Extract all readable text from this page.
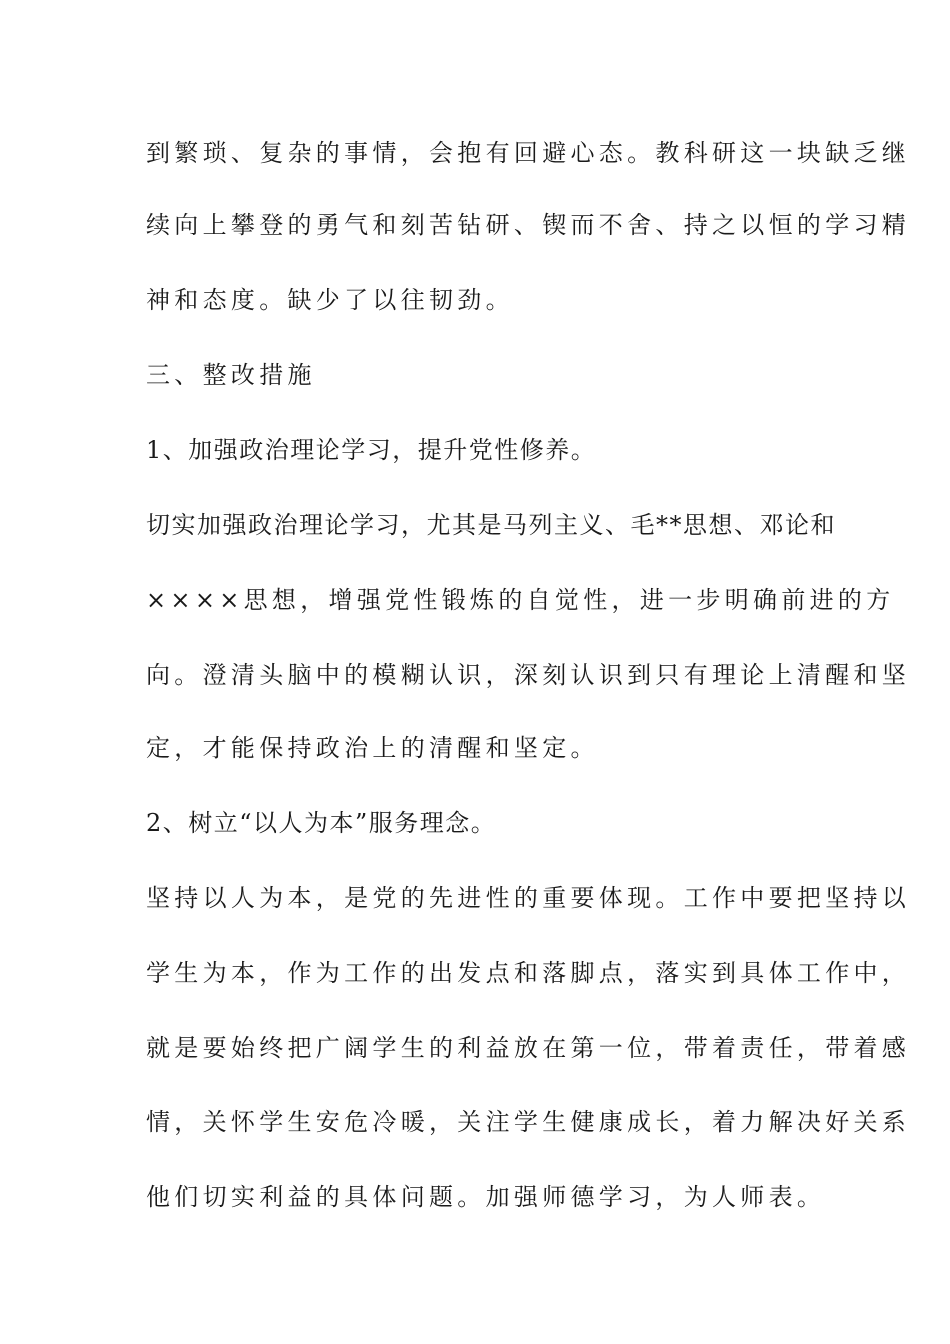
到繁琐、复杂的事情，会抱有回避心态。教科研这一块缺乏继
续向上攀登的勇气和刻苦钻研、锲而不舍、持之以恒的学习精
神和态度。缺少了以往韧劲。
三、整改措施
1、加强政治理论学习，提升党性修养。
切实加强政治理论学习，尤其是马列主义、毛**思想、邓论和
××××思想，增强党性锻炼的自觉性，进一步明确前进的方
向。澄清头脑中的模糊认识，深刻认识到只有理论上清醒和坚
定，才能保持政治上的清醒和坚定。
2、树立“以人为本”服务理念。
坚持以人为本，是党的先进性的重要体现。工作中要把坚持以
学生为本，作为工作的出发点和落脚点，落实到具体工作中，
就是要始终把广阔学生的利益放在第一位，带着责任，带着感
情，关怀学生安危冷暖，关注学生健康成长，着力解决好关系
他们切实利益的具体问题。加强师德学习，为人师表。
